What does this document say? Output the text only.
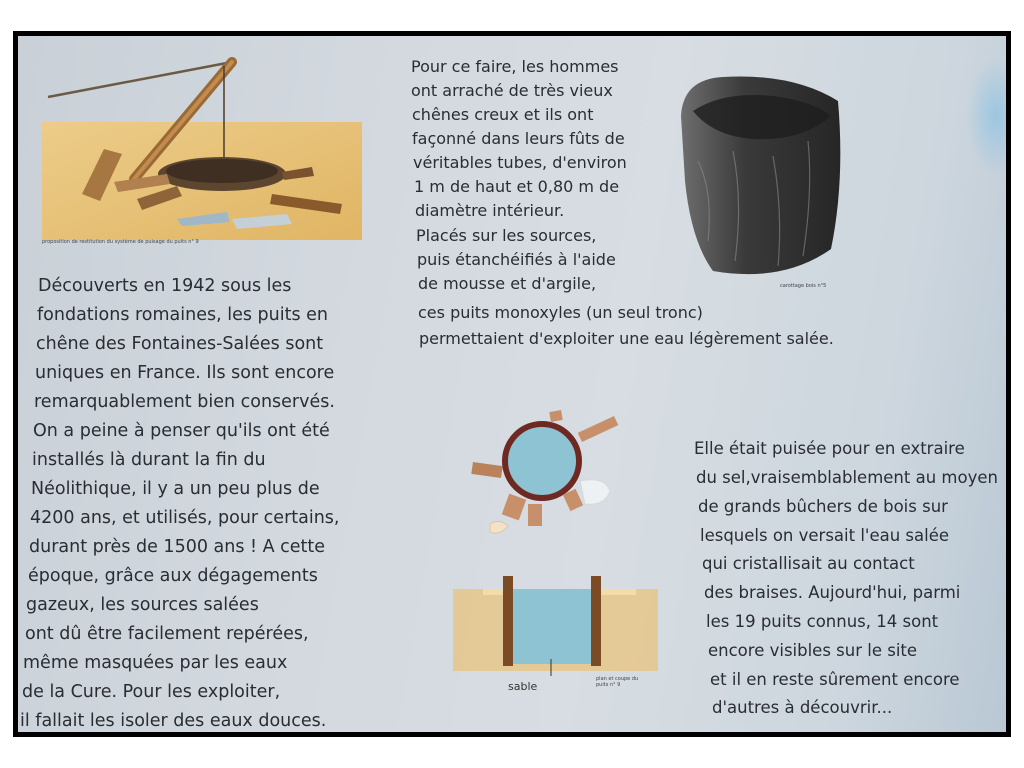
proposition de restitution du système de puisage du puits n° 9
carottage bois n°5
sable
plan et coupe du puits n° 9
Découverts en 1942 sous les
fondations romaines, les puits en
chêne des Fontaines-Salées sont
uniques en France. Ils sont encore
remarquablement bien conservés.
On a peine à penser qu'ils ont été
installés là durant la fin du
Néolithique, il y a un peu plus de
4200 ans, et utilisés, pour certains,
durant près de 1500 ans ! A cette
époque, grâce aux dégagements
gazeux, les sources salées
ont dû être facilement repérées,
même masquées par les eaux
de la Cure. Pour les exploiter,
il fallait les isoler des eaux douces.
Pour ce faire, les hommes
ont arraché de très vieux
chênes creux et ils ont
façonné dans leurs fûts de
véritables tubes, d'environ
1 m de haut et 0,80 m de
diamètre intérieur.
Placés sur les sources,
puis étanchéifiés à l'aide
de mousse et d'argile,
ces puits monoxyles (un seul tronc)
permettaient d'exploiter une eau légèrement salée.
Elle était puisée pour en extraire
du sel,vraisemblablement au moyen
de grands bûchers de bois sur
lesquels on versait l'eau salée
qui cristallisait au contact
des braises. Aujourd'hui, parmi
les 19 puits connus, 14 sont
encore visibles sur le site
et il en reste sûrement encore
d'autres à découvrir...
